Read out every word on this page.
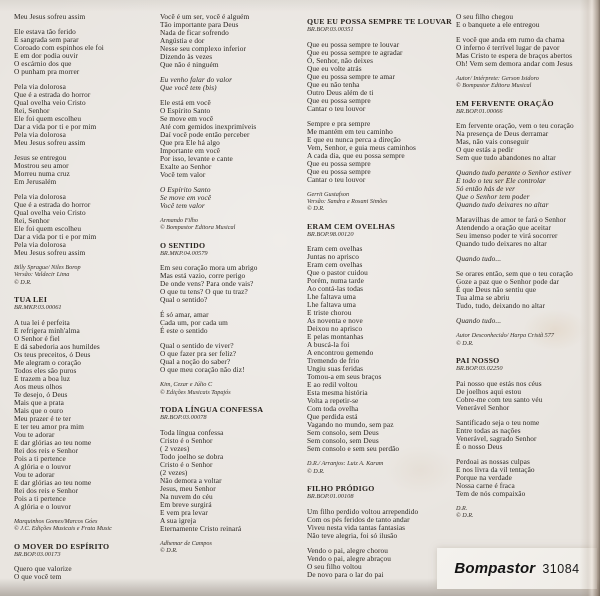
Meu Jesus sofreu assim
Ele estava tão ferido
E sangrada sem parar
Coroado com espinhos ele foi
E em dor podia ouvir
O escárnio dos que
O punham pra morrer
Pela via dolorosa
Que é a estrada do horror
Qual ovelha veio Cristo
Rei, Senhor
Ele foi quem escolheu
Dar a vida por ti e por mim
Pela via dolorosa
Meu Jesus sofreu assim
Jesus se entregou
Mostrou seu amor
Morreu numa cruz
Em Jerusalém
Pela via dolorosa
Que é a estrada do horror
Qual ovelha veio Cristo
Rei, Senhor
Ele foi quem escolheu
Dar a vida por ti e por mim
Pela via dolorosa
Meu Jesus sofreu assim
Billy Sprague/ Niles Borop
Versão: Valdecir Lima
© D.R.
TUA LEI
BR.MKP.03.00061
A tua lei é perfeita
E refrigera minh'alma
O Senhor é fiel
E dá sabedoria aos humildes
Os teus preceitos, ó Deus
Me alegram o coração
Todos eles são puros
E trazem a boa luz
Aos meus olhos
Te desejo, ó Deus
Mais que a prata
Mais que o ouro
Meu prazer é te ter
E ter teu amor pra mim
Vou te adorar
E dar glórias ao teu nome
Rei dos reis e Senhor
Pois a ti pertence
A glória e o louvor
Vou te adorar
E dar glórias ao teu nome
Rei dos reis e Senhor
Pois a ti pertence
A glória e o louvor
Marquinhos Gomes/Marcos Góes
© J.C. Edições Musicais e Frata Music
O MOVER DO ESPÍRITO
BR.BOP.03.00173
Quero que valorize
O que você tem
Você é um ser, você é alguém
Tão importante para Deus
Nada de ficar sofrendo
Angústia e dor
Nesse seu complexo inferior
Dizendo às vezes
Que não é ninguém
Eu venho falar do valor
Que você tem (bis)
Ele está em você
O Espírito Santo
Se move em você
Até com gemidos inexprimíveis
Daí você pode então perceber
Que pra Ele há algo
Importante em você
Por isso, levante e cante
Exalte ao Senhor
Você tem valor
O Espírito Santo
Se move em você
Você tem valor
Armando Filho
© Bompastor Editora Musical
O SENTIDO
BR.MKP.04.00579
Em seu coração mora um abrigo
Mas está vazio, corre perigo
De onde vens? Para onde vais?
O que tu tens? O que tu traz?
Qual o sentido?
É só amar, amar
Cada um, por cada um
É este o sentido
Qual o sentido de viver?
O que fazer pra ser feliz?
Qual a noção do saber?
O que meu coração não diz!
Kim, Cezar e Júlio C
© Edições Musicais Tapajós
TODA LÍNGUA CONFESSA
BR.BOP.03.00078
Toda língua confessa
Cristo é o Senhor
( 2 vezes)
Todo joelho se dobra
Cristo é o Senhor
(2 vezes)
Não demora a voltar
Jesus, meu Senhor
Na nuvem do céu
Em breve surgirá
E vem pra levar
A sua igreja
Eternamente Cristo reinará
Adhemar de Campos
© D.R.
QUE EU POSSA SEMPRE TE LOUVAR
BR.BOP.03.00351
Que eu possa sempre te louvar
Que eu possa sempre te agradar
Ó, Senhor, não deixes
Que eu volte atrás
Que eu possa sempre te amar
Que eu não tenha
Outro Deus além de ti
Que eu possa sempre
Cantar o teu louvor
Sempre e pra sempre
Me mantém em teu caminho
E que eu nunca perca a direção
Vem, Senhor, e guia meus caminhos
A cada dia, que eu possa sempre
Que eu possa sempre
Que eu possa sempre
Cantar o teu louvor
Gerrit Gustafson
Versão: Sandra e Rosani Simões
© D.R.
ERAM CEM OVELHAS
BR.BOP.98.00120
Eram cem ovelhas
Juntas no aprisco
Eram cem ovelhas
Que o pastor cuidou
Porém, numa tarde
Ao contá-las todas
Lhe faltava uma
Lhe faltava uma
E triste chorou
As noventa e nove
Deixou no aprisco
E pelas montanhas
A buscá-la foi
A encontrou gemendo
Tremendo de frio
Ungiu suas feridas
Tomou-a em seus braços
E ao redil voltou
Esta mesma história
Volta a repetir-se
Com toda ovelha
Que perdida está
Vagando no mundo, sem paz
Sem consolo, sem Deus
Sem consolo, sem Deus
Sem consolo e sem seu perdão
D.R./ Arranjos: Luiz A. Karam
© D.R.
FILHO PRÓDIGO
BR.BOP.01.00108
Um filho perdido voltou arrependido
Com os pés feridos de tanto andar
Viveu nesta vida tantas fantasias
Não teve alegria, foi só ilusão
Vendo o pai, alegre chorou
Vendo o pai, alegre abraçou
O seu filho voltou
De novo para o lar do pai
O seu filho chegou
E o banquete a ele entregou
E você que anda em rumo da chama
O inferno é terrível lugar de pavor
Mas Cristo te espera de braços abertos
Oh! Vem sem demora andar com Jesus
Autor/ Intérprete: Gerson Isidoro
© Bompastor Editora Musical
EM FERVENTE ORAÇÃO
BR.BOP.01.00066
Em fervente oração, vem o teu coração
Na presença de Deus derramar
Mas, não vais conseguir
O que estás a pedir
Sem que tudo abandones no altar
Quando tudo perante o Senhor estiver
E todo o teu ser Ele controlar
Só então hás de ver
Que o Senhor tem poder
Quando tudo deixares no altar
Maravilhas de amor te fará o Senhor
Atendendo a oração que aceitar
Seu imenso poder te virá socorrer
Quando tudo deixares no altar
Quando tudo...
Se orares então, sem que o teu coração
Goze a paz que o Senhor pode dar
É que Deus não sentiu que
Tua alma se abriu
Tudo, tudo, deixando no altar
Quando tudo...
Autor Desconhecido/ Harpa Cristã 577
© D.R.
PAI NOSSO
BR.BOP.03.02250
Pai nosso que estás nos céus
De joelhos aqui estou
Cobre-me com teu santo véu
Venerável Senhor
Santificado seja o teu nome
Entre todas as nações
Venerável, sagrado Senhor
É o nosso Deus
Perdoai as nossas culpas
E nos livra da vil tentação
Porque na verdade
Nossa carne é fraca
Tem de nós compaixão
D.R.
© D.R.
Bompastor 31084
